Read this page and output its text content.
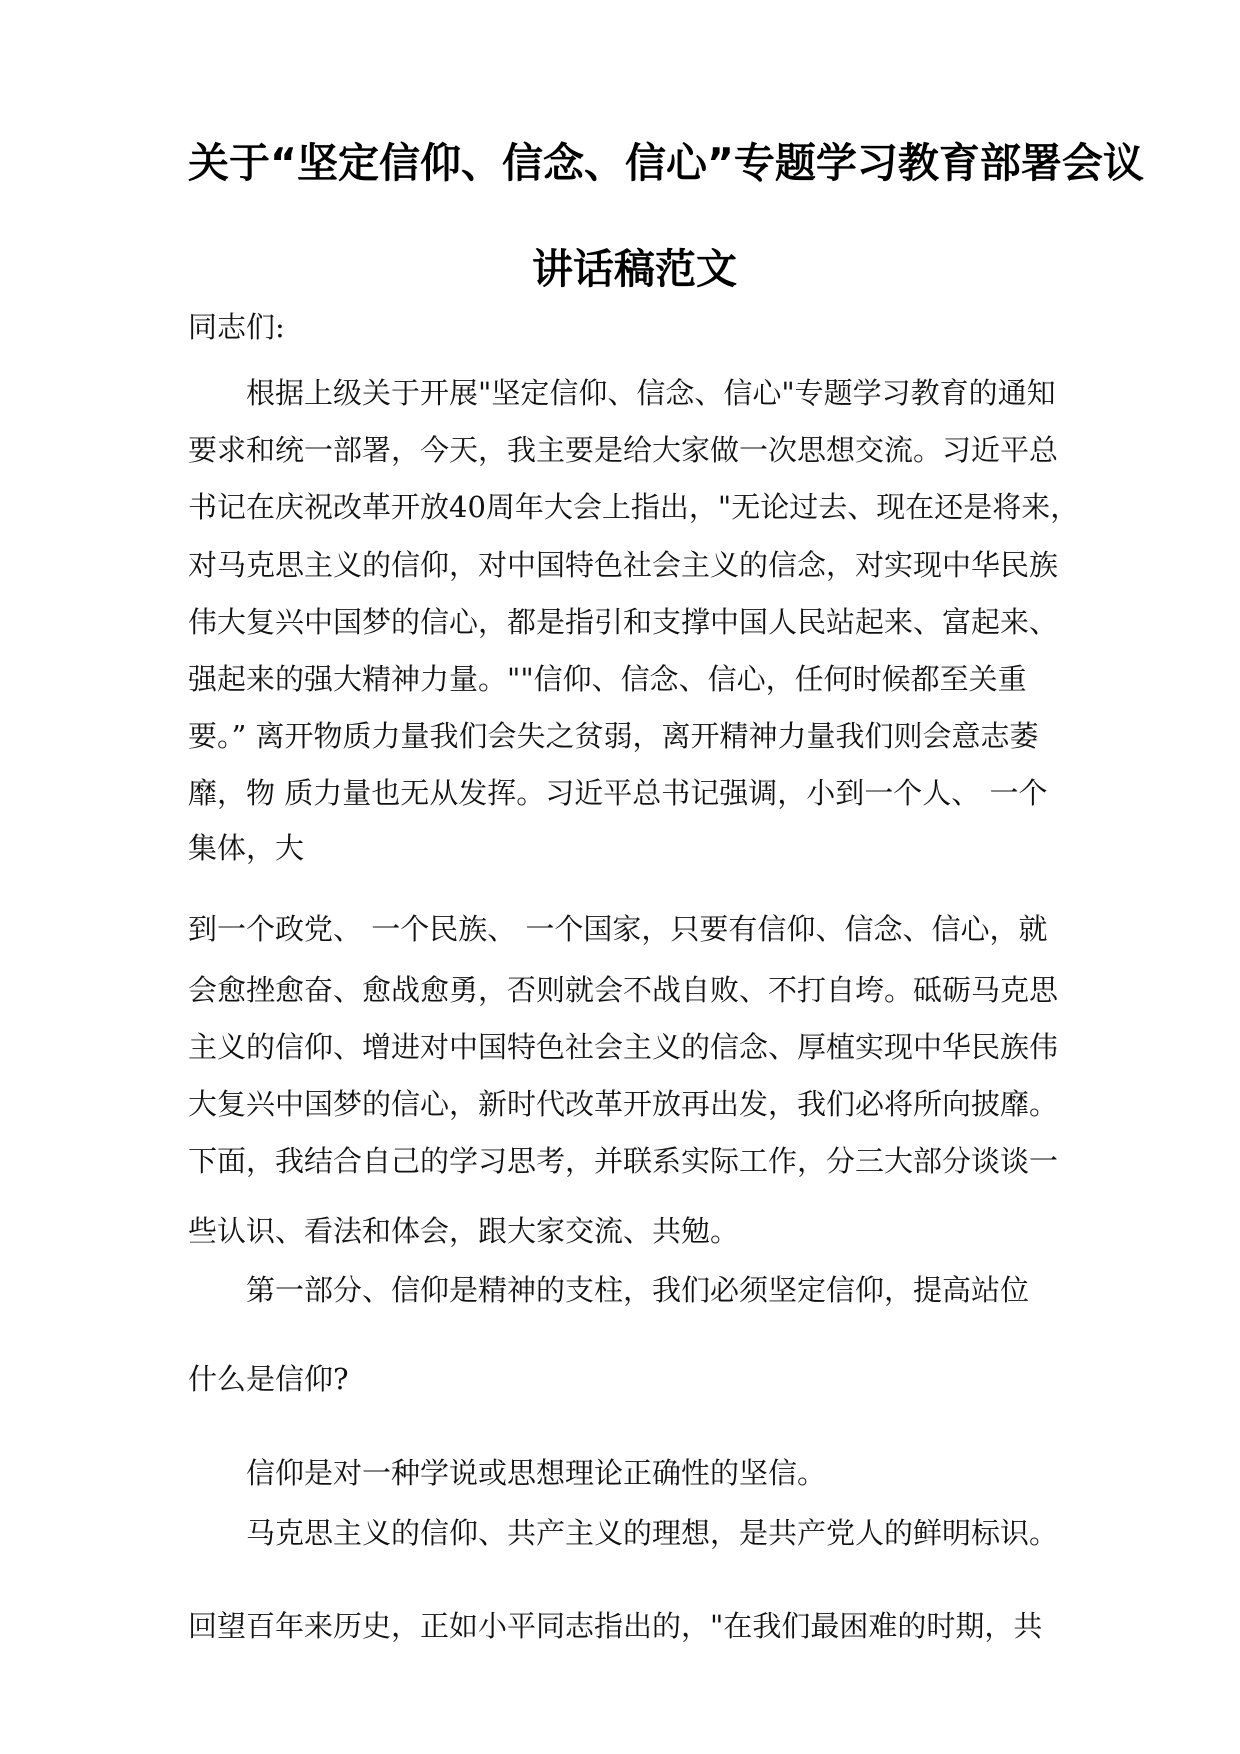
关于“坚定信仰、信念、信心”专题学习教育部署会议
讲话稿范文
同志们:
根据上级关于开展"坚定信仰、信念、信心"专题学习教育的通知
要求和统一部署，今天，我主要是给大家做一次思想交流。习近平总
书记在庆祝改革开放40周年大会上指出，"无论过去、现在还是将来，
对马克思主义的信仰，对中国特色社会主义的信念，对实现中华民族
伟大复兴中国梦的信心，都是指引和支撑中国人民站起来、富起来、
强起来的强大精神力量。""信仰、信念、信心，任何时候都至关重
要。” 离开物质力量我们会失之贫弱，离开精神力量我们则会意志萎
靡，物 质力量也无从发挥。习近平总书记强调，小到一个人、 一个
集体，大
到一个政党、 一个民族、 一个国家，只要有信仰、信念、信心，就
会愈挫愈奋、愈战愈勇，否则就会不战自败、不打自垮。砥砺马克思
主义的信仰、增进对中国特色社会主义的信念、厚植实现中华民族伟
大复兴中国梦的信心，新时代改革开放再出发，我们必将所向披靡。
下面，我结合自己的学习思考，并联系实际工作，分三大部分谈谈一
些认识、看法和体会，跟大家交流、共勉。
第一部分、信仰是精神的支柱，我们必须坚定信仰，提高站位
什么是信仰?
信仰是对一种学说或思想理论正确性的坚信。
马克思主义的信仰、共产主义的理想，是共产党人的鲜明标识。
回望百年来历史，正如小平同志指出的，"在我们最困难的时期，共
